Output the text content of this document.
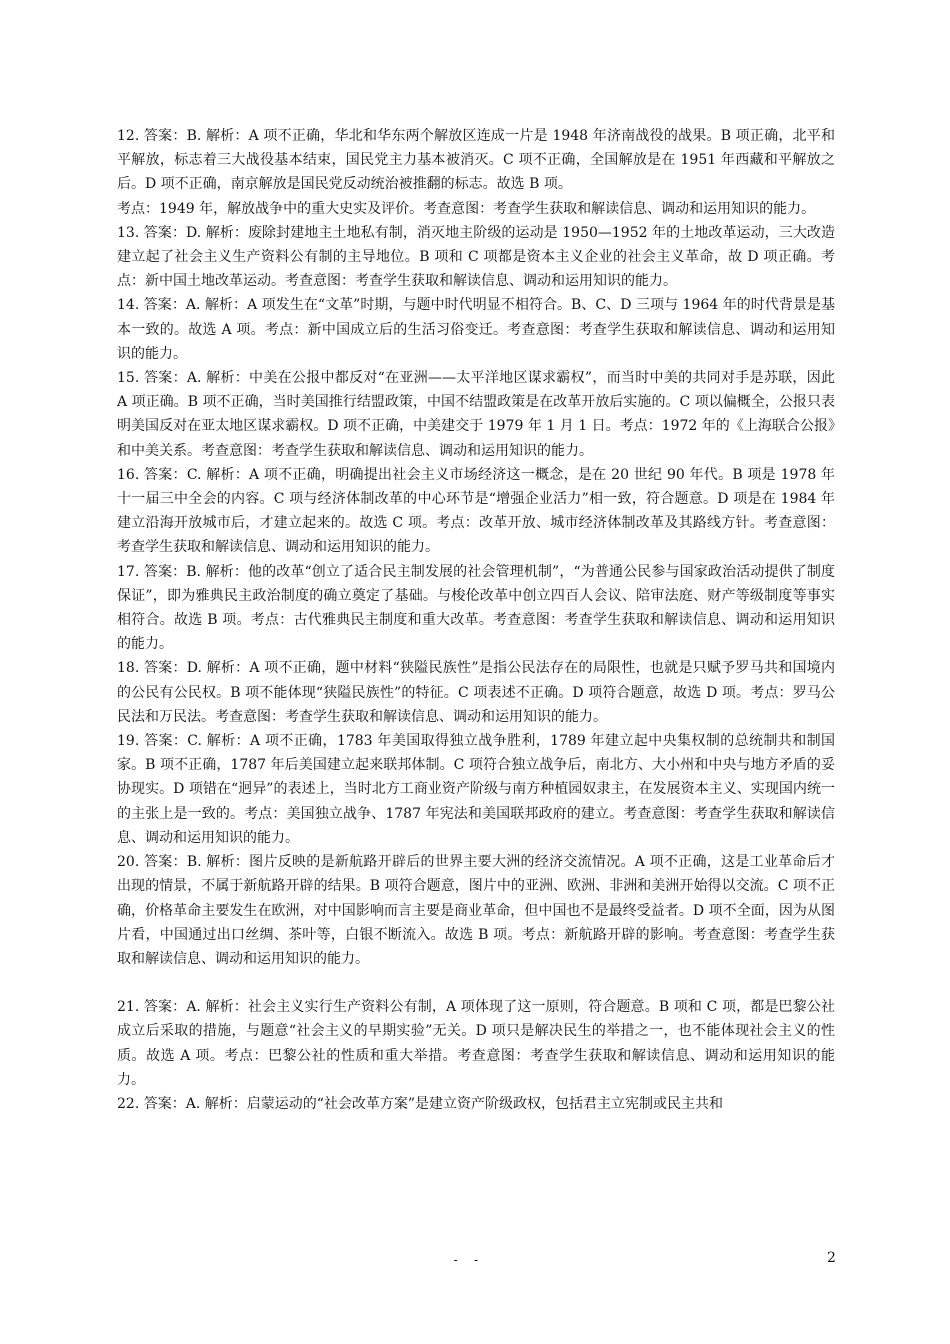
12. 答案：B. 解析：A 项不正确，华北和华东两个解放区连成一片是 1948 年济南战役的战果。B 项正确，北平和平解放，标志着三大战役基本结束，国民党主力基本被消灭。C 项不正确，全国解放是在 1951 年西藏和平解放之后。D 项不正确，南京解放是国民党反动统治被推翻的标志。故选 B 项。

考点：1949 年，解放战争中的重大史实及评价。考查意图：考查学生获取和解读信息、调动和运用知识的能力。

13. 答案：D. 解析：废除封建地主土地私有制，消灭地主阶级的运动是 1950—1952 年的土地改革运动，三大改造建立起了社会主义生产资料公有制的主导地位。B 项和 C 项都是资本主义企业的社会主义革命，故 D 项正确。考点：新中国土地改革运动。考查意图：考查学生获取和解读信息、调动和运用知识的能力。

14. 答案：A. 解析：A 项发生在“文革”时期，与题中时代明显不相符合。B、C、D 三项与 1964 年的时代背景是基本一致的。故选 A 项。考点：新中国成立后的生活习俗变迁。考查意图：考查学生获取和解读信息、调动和运用知识的能力。

15. 答案：A. 解析：中美在公报中都反对“在亚洲——太平洋地区谋求霸权”，而当时中美的共同对手是苏联，因此 A 项正确。B 项不正确，当时美国推行结盟政策，中国不结盟政策是在改革开放后实施的。C 项以偏概全，公报只表明美国反对在亚太地区谋求霸权。D 项不正确，中美建交于 1979 年 1 月 1 日。考点：1972 年的《上海联合公报》和中美关系。考查意图：考查学生获取和解读信息、调动和运用知识的能力。

16. 答案：C. 解析：A 项不正确，明确提出社会主义市场经济这一概念，是在 20 世纪 90 年代。B 项是 1978 年十一届三中全会的内容。C 项与经济体制改革的中心环节是“增强企业活力”相一致，符合题意。D 项是在 1984 年建立沿海开放城市后，才建立起来的。故选 C 项。考点：改革开放、城市经济体制改革及其路线方针。考查意图：考查学生获取和解读信息、调动和运用知识的能力。

17. 答案：B. 解析：他的改革“创立了适合民主制发展的社会管理机制”，“为普通公民参与国家政治活动提供了制度保证”，即为雅典民主政治制度的确立奠定了基础。与梭伦改革中创立四百人会议、陪审法庭、财产等级制度等事实相符合。故选 B 项。考点：古代雅典民主制度和重大改革。考查意图：考查学生获取和解读信息、调动和运用知识的能力。

18. 答案：D. 解析：A 项不正确，题中材料“狭隘民族性”是指公民法存在的局限性，也就是只赋予罗马共和国境内的公民有公民权。B 项不能体现“狭隘民族性”的特征。C 项表述不正确。D 项符合题意，故选 D 项。考点：罗马公民法和万民法。考查意图：考查学生获取和解读信息、调动和运用知识的能力。

19. 答案：C. 解析：A 项不正确，1783 年美国取得独立战争胜利，1789 年建立起中央集权制的总统制共和制国家。B 项不正确，1787 年后美国建立起来联邦体制。C 项符合独立战争后，南北方、大小州和中央与地方矛盾的妥协现实。D 项错在“迥异”的表述上，当时北方工商业资产阶级与南方种植园奴隶主，在发展资本主义、实现国内统一的主张上是一致的。考点：美国独立战争、1787 年宪法和美国联邦政府的建立。考查意图：考查学生获取和解读信息、调动和运用知识的能力。

20. 答案：B. 解析：图片反映的是新航路开辟后的世界主要大洲的经济交流情况。A 项不正确，这是工业革命后才出现的情景，不属于新航路开辟的结果。B 项符合题意，图片中的亚洲、欧洲、非洲和美洲开始得以交流。C 项不正确，价格革命主要发生在欧洲，对中国影响而言主要是商业革命，但中国也不是最终受益者。D 项不全面，因为从图片看，中国通过出口丝绸、茶叶等，白银不断流入。故选 B 项。考点：新航路开辟的影响。考查意图：考查学生获取和解读信息、调动和运用知识的能力。

21. 答案：A. 解析：社会主义实行生产资料公有制，A 项体现了这一原则，符合题意。B 项和 C 项，都是巴黎公社成立后采取的措施，与题意“社会主义的早期实验”无关。D 项只是解决民生的举措之一，也不能体现社会主义的性质。故选 A 项。考点：巴黎公社的性质和重大举措。考查意图：考查学生获取和解读信息、调动和运用知识的能力。

22. 答案：A. 解析：启蒙运动的“社会改革方案”是建立资产阶级政权，包括君主立宪制或民主共和

- -	2
